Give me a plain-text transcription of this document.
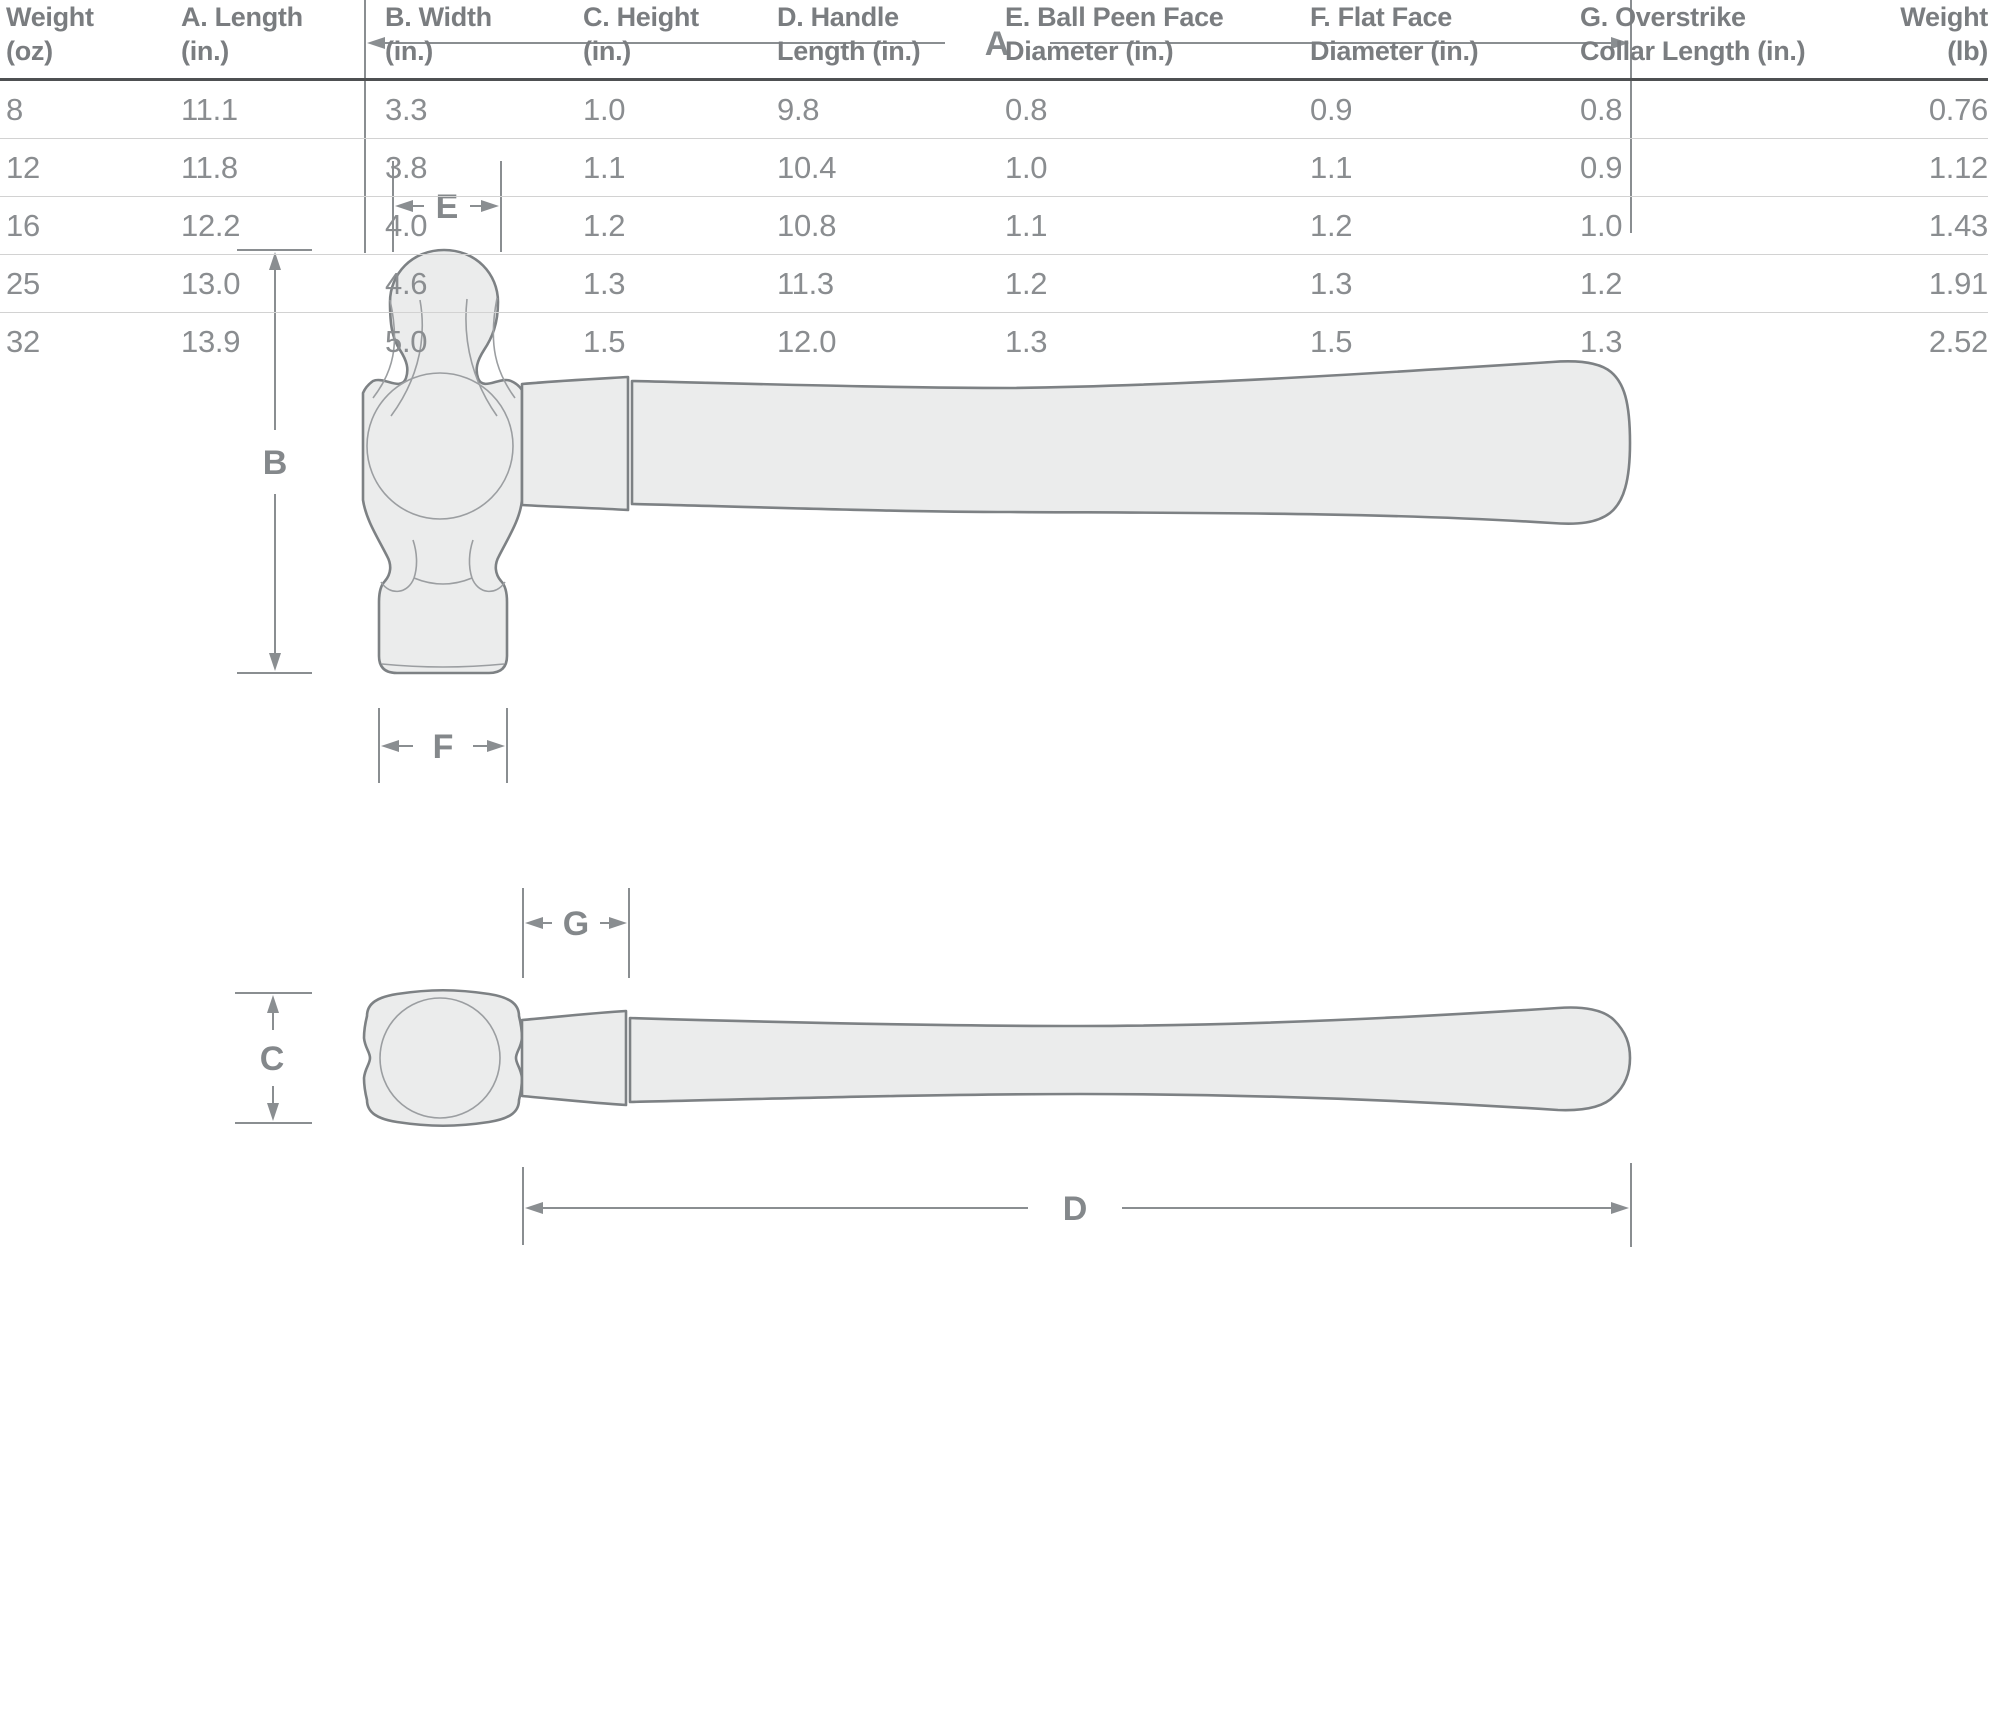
A
B
E
F
G
C
D
Weight
(oz)
A. Length
(in.)
B. Width
(in.)
C. Height
(in.)
D. Handle
Length (in.)
E. Ball Peen Face
Diameter (in.)
F. Flat Face
Diameter (in.)
G. Overstrike
Collar Length (in.)
Weight
(lb)
8	11.1	3.3	1.0	9.8	0.8	0.9	0.8	0.76
12	11.8	3.8	1.1	10.4	1.0	1.1	0.9	1.12
16	12.2	4.0	1.2	10.8	1.1	1.2	1.0	1.43
25	13.0	4.6	1.3	11.3	1.2	1.3	1.2	1.91
32	13.9	5.0	1.5	12.0	1.3	1.5	1.3	2.52
